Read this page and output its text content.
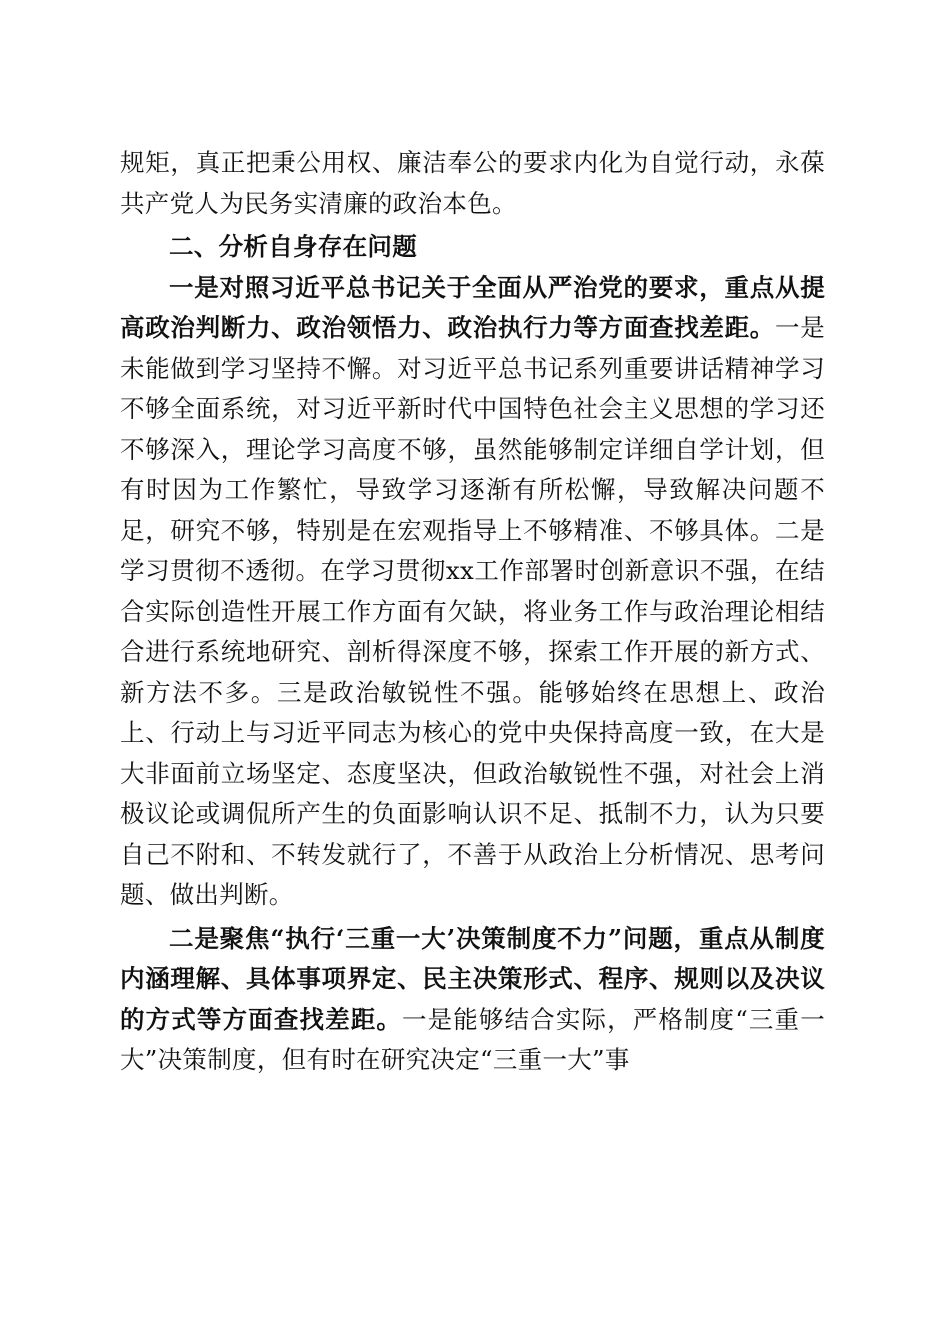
规矩，真正把秉公用权、廉洁奉公的要求内化为自觉行动，永葆共产党人为民务实清廉的政治本色。

二、分析自身存在问题

一是对照习近平总书记关于全面从严治党的要求，重点从提高政治判断力、政治领悟力、政治执行力等方面查找差距。一是未能做到学习坚持不懈。对习近平总书记系列重要讲话精神学习不够全面系统，对习近平新时代中国特色社会主义思想的学习还不够深入，理论学习高度不够，虽然能够制定详细自学计划，但有时因为工作繁忙，导致学习逐渐有所松懈，导致解决问题不足，研究不够，特别是在宏观指导上不够精准、不够具体。二是学习贯彻不透彻。在学习贯彻xx工作部署时创新意识不强，在结合实际创造性开展工作方面有欠缺，将业务工作与政治理论相结合进行系统地研究、剖析得深度不够，探索工作开展的新方式、新方法不多。三是政治敏锐性不强。能够始终在思想上、政治上、行动上与习近平同志为核心的党中央保持高度一致，在大是大非面前立场坚定、态度坚决，但政治敏锐性不强，对社会上消极议论或调侃所产生的负面影响认识不足、抵制不力，认为只要自己不附和、不转发就行了，不善于从政治上分析情况、思考问题、做出判断。

二是聚焦“执行‘三重一大’决策制度不力”问题，重点从制度内涵理解、具体事项界定、民主决策形式、程序、规则以及决议的方式等方面查找差距。一是能够结合实际，严格制度“三重一大”决策制度，但有时在研究决定“三重一大”事
